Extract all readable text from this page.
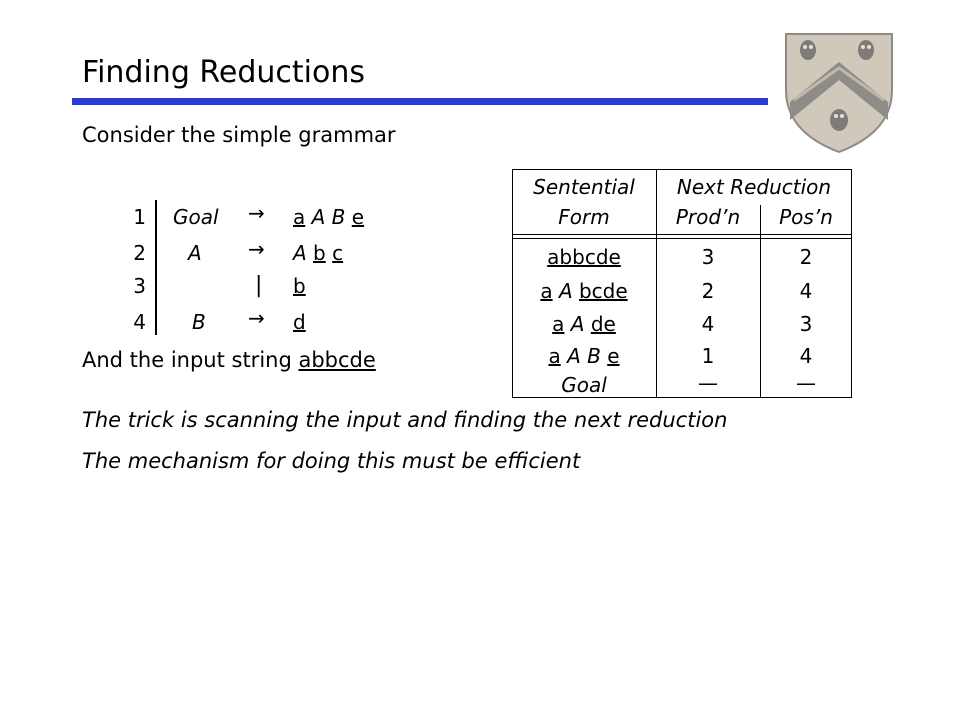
Finding Reductions
Consider the simple grammar
1 Goal → a A B e
2 A → A b c
3	| b
4 B → d
And the input string abbcde
Sentential
Form
Next Reduction
Prod’n	Pos’n
abbcde	3	2
a A bcde	2	4
a A de	4	3
a A B e	1	4
Goal	—	—
The trick is scanning the input and finding the next reduction
The mechanism for doing this must be efficient
